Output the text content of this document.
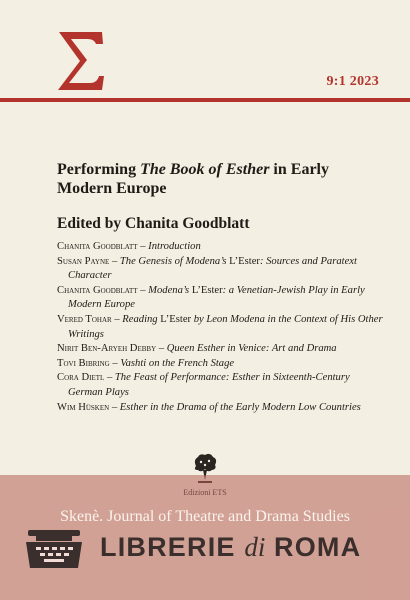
9:1 2023
Performing The Book of Esther in Early Modern Europe
Edited by Chanita Goodblatt
Chanita Goodblatt – Introduction
Susan Payne – The Genesis of Modena’s L’Ester: Sources and Paratext Character
Chanita Goodblatt – Modena’s L’Ester: a Venetian-Jewish Play in Early Modern Europe
Vered Tohar – Reading L’Ester by Leon Modena in the Context of His Other Writings
Nirit Ben-Aryeh Debby – Queen Esther in Venice: Art and Drama
Tovi Bibring – Vashti on the French Stage
Cora Dietl – The Feast of Performance: Esther in Sixteenth-Century German Plays
Wim Hüsken – Esther in the Drama of the Early Modern Low Countries
Skenè. Journal of Theatre and Drama Studies
LIBRERIE di ROMA
